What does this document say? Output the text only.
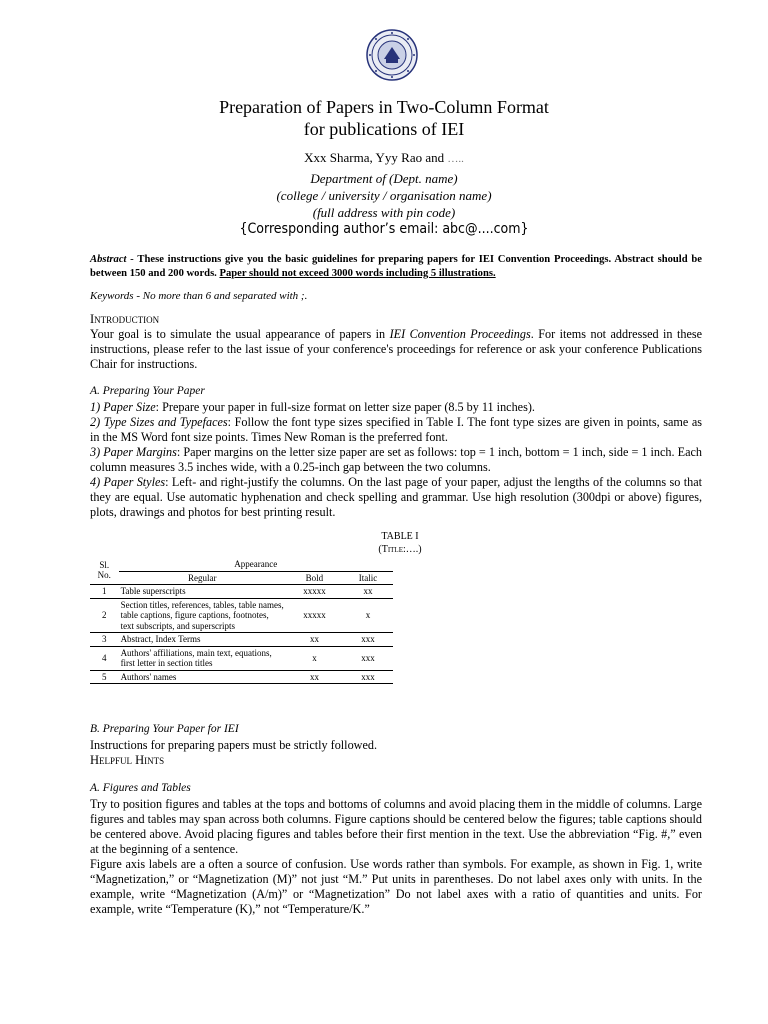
Preparation of Papers in Two-Column Format
for publications of IEI
Xxx Sharma, Yyy Rao and …..
Department of (Dept. name)
(college / university / organisation name)
(full address with pin code)
{Corresponding author’s email: abc@....com}
Abstract - These instructions give you the basic guidelines for preparing papers for IEI Convention Proceedings. Abstract should be between 150 and 200 words. Paper should not exceed 3000 words including 5 illustrations.
Keywords - No more than 6 and separated with ;.
Introduction
Your goal is to simulate the usual appearance of papers in IEI Convention Proceedings. For items not addressed in these instructions, please refer to the last issue of your conference's proceedings for reference or ask your conference Publications Chair for instructions.
A. Preparing Your Paper
1) Paper Size: Prepare your paper in full-size format on letter size paper (8.5 by 11 inches).
2) Type Sizes and Typefaces: Follow the font type sizes specified in Table I. The font type sizes are given in points, same as in the MS Word font size points. Times New Roman is the preferred font.
3) Paper Margins: Paper margins on the letter size paper are set as follows: top = 1 inch, bottom = 1 inch, side = 1 inch. Each column measures 3.5 inches wide, with a 0.25-inch gap between the two columns.
4) Paper Styles: Left- and right-justify the columns. On the last page of your paper, adjust the lengths of the columns so that they are equal. Use automatic hyphenation and check spelling and grammar. Use high resolution (300dpi or above) figures, plots, drawings and photos for best printing result.
TABLE I
(Title:….)
Sl. No.	Appearance		
	Regular	Bold	Italic
1	Table superscripts	xxxxx	xx
2	Section titles, references, tables, table names, table captions, figure captions, footnotes, text subscripts, and superscripts	xxxxx	x
3	Abstract, Index Terms	xx	xxx
4	Authors' affiliations, main text, equations, first letter in section titles	x	xxx
5	Authors' names	xx	xxx
B. Preparing Your Paper for IEI
Instructions for preparing papers must be strictly followed.
Helpful Hints
A. Figures and Tables
Try to position figures and tables at the tops and bottoms of columns and avoid placing them in the middle of columns. Large figures and tables may span across both columns. Figure captions should be centered below the figures; table captions should be centered above. Avoid placing figures and tables before their first mention in the text. Use the abbreviation “Fig. #,” even at the beginning of a sentence.
Figure axis labels are a often a source of confusion. Use words rather than symbols. For example, as shown in Fig. 1, write “Magnetization,” or “Magnetization (M)” not just “M.” Put units in parentheses. Do not label axes only with units. In the example, write “Magnetization (A/m)” or “Magnetization” Do not label axes with a ratio of quantities and units. For example, write “Temperature (K),” not “Temperature/K.”
